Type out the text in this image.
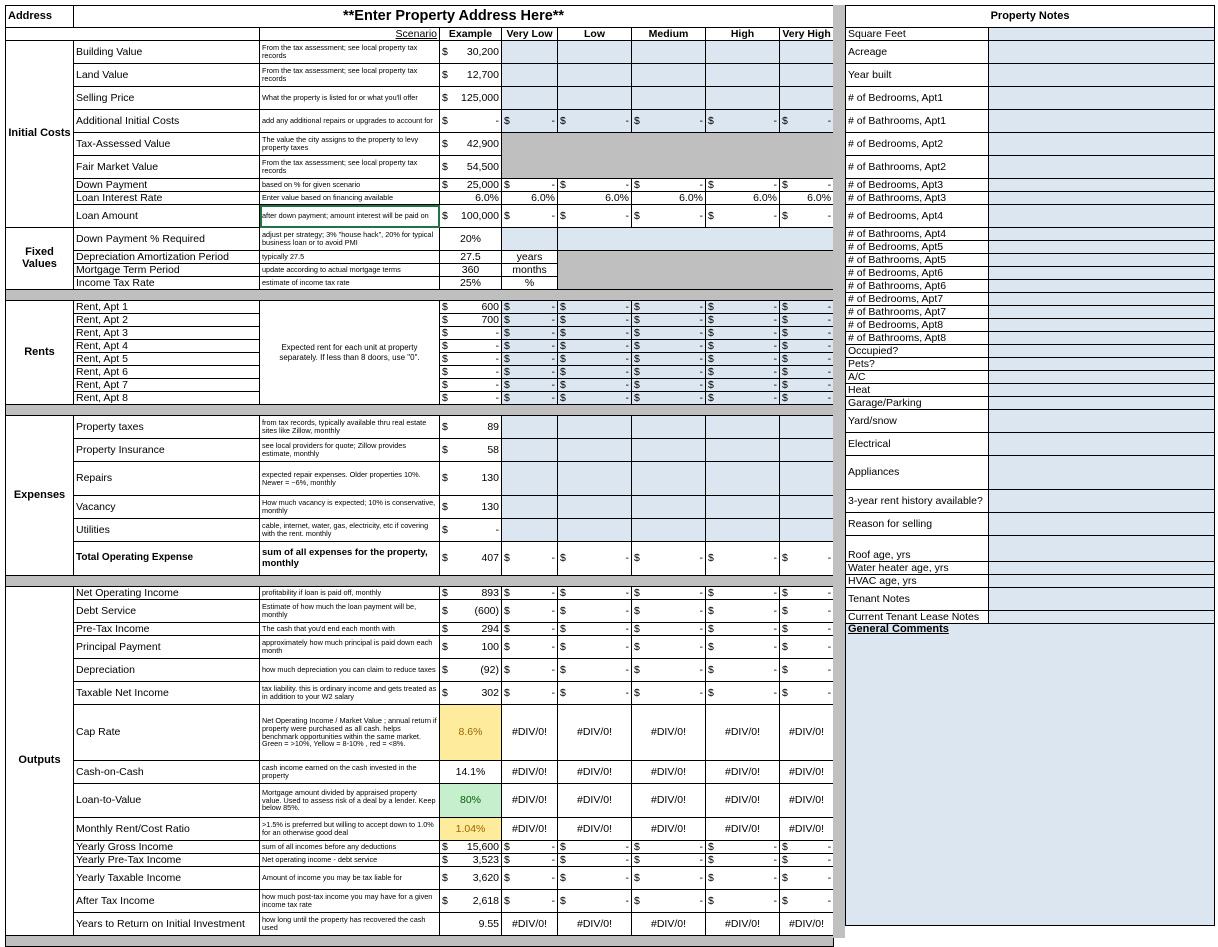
Address	**Enter Property Address Here**							
		Scenario	Example	Very Low	Low	Medium	High	Very High
Initial Costs	Building Value	From the tax assessment; see local property tax records	$ 30,200					

	Land Value	From the tax assessment; see local property tax records	$ 12,700					

	Selling Price	What the property is listed for or what you'll offer	$ 125,000					

	Additional Initial Costs	add any additional repairs or upgrades to account for	$ -	$ -	$ -	$ -	$ -	$ -

	Tax-Assessed Value	The value the city assigns to the property to levy property taxes	$ 42,900					

	Fair Market Value	From the tax assessment; see local property tax records	$ 54,500					

	Down Payment	based on % for given scenario	$ 25,000	$ -	$ -	$ -	$ -	$ -

	Loan Interest Rate	Enter value based on financing available	6.0%	6.0%	6.0%	6.0%	6.0%	6.0%
	Loan Amount	after down payment; amount interest will be paid on	$ 100,000	$ -	$ -	$ -	$ -	$ -

Fixed Values	Down Payment % Required	adjust per strategy; 3% "house hack", 20% for typical business loan or to avoid PMI	20%					
	Depreciation Amortization Period	typically 27.5	27.5	years				
	Mortgage Term Period	update according to actual mortgage terms	360	months				
	Income Tax Rate	estimate of income tax rate	25%	%				

Rents	Rent, Apt 1	Expected rent for each unit at property separately. If less than 8 doors, use "0".	$ 600	$ -	$ -	$ -	$ -	$ -

	Rent, Apt 2		$ 700	$ -	$ -	$ -	$ -	$ -

	Rent, Apt 3		$ -	$ -	$ -	$ -	$ -	$ -

	Rent, Apt 4		$ -	$ -	$ -	$ -	$ -	$ -

	Rent, Apt 5		$ -	$ -	$ -	$ -	$ -	$ -

	Rent, Apt 6		$ -	$ -	$ -	$ -	$ -	$ -

	Rent, Apt 7		$ -	$ -	$ -	$ -	$ -	$ -

	Rent, Apt 8		$ -	$ -	$ -	$ -	$ -	$ -

Expenses	Property taxes	from tax records, typically available thru real estate sites like Zillow, monthly	$ 89					

	Property Insurance	see local providers for quote; Zillow provides estimate, monthly	$ 58					

	Repairs	expected repair expenses. Older properties 10%. Newer = ~6%, monthly	$ 130					

	Vacancy	How much vacancy is expected; 10% is conservative, monthly	$ 130					

	Utilities	cable, internet, water, gas, electricity, etc if covering with the rent. monthly	$ -					

	Total Operating Expense	sum of all expenses for the property, monthly	$ 407	$ -	$ -	$ -	$ -	$ -

Outputs	Net Operating Income	profitability if loan is paid off, monthly	$ 893	$ -	$ -	$ -	$ -	$ -

	Debt Service	Estimate of how much the loan payment will be, monthly	$ (600)	$ -	$ -	$ -	$ -	$ -

	Pre-Tax Income	The cash that you'd end each month with	$ 294	$ -	$ -	$ -	$ -	$ -

	Principal Payment	approximately how much principal is paid down each month	$ 100	$ -	$ -	$ -	$ -	$ -

	Depreciation	how much depreciation you can claim to reduce taxes	$ (92)	$ -	$ -	$ -	$ -	$ -

	Taxable Net Income	tax liability. this is ordinary income and gets treated as in addition to your W2 salary	$ 302	$ -	$ -	$ -	$ -	$ -

	Cap Rate	Net Operating Income / Market Value ; annual return if property were purchased as all cash. helps benchmark opportunities within the same market. Green = >10%, Yellow = 8-10% , red = <8%.	8.6%	#DIV/0!	#DIV/0!	#DIV/0!	#DIV/0!	#DIV/0!
	Cash-on-Cash	cash income earned on the cash invested in the property	14.1%	#DIV/0!	#DIV/0!	#DIV/0!	#DIV/0!	#DIV/0!
	Loan-to-Value	Mortgage amount divided by appraised property value. Used to assess risk of a deal by a lender. Keep below 85%.	80%	#DIV/0!	#DIV/0!	#DIV/0!	#DIV/0!	#DIV/0!
	Monthly Rent/Cost Ratio	>1.5% is preferred but willing to accept down to 1.0% for an otherwise good deal	1.04%	#DIV/0!	#DIV/0!	#DIV/0!	#DIV/0!	#DIV/0!
	Yearly Gross Income	sum of all incomes before any deductions	$ 15,600	$ -	$ -	$ -	$ -	$ -

	Yearly Pre-Tax Income	Net operating income - debt service	$ 3,523	$ -	$ -	$ -	$ -	$ -

	Yearly Taxable Income	Amount of income you may be tax liable for	$ 3,620	$ -	$ -	$ -	$ -	$ -

	After Tax Income	how much post-tax income you may have for a given income tax rate	$ 2,618	$ -	$ -	$ -	$ -	$ -

	Years to Return on Initial Investment	how long until the property has recovered the cash used	9.55	#DIV/0!	#DIV/0!	#DIV/0!	#DIV/0!	#DIV/0!

Property Notes	
Square Feet	
Acreage	
Year built	
# of Bedrooms, Apt1	
# of Bathrooms, Apt1	
# of Bedrooms, Apt2	
# of Bathrooms, Apt2	
# of Bedrooms, Apt3	
# of Bathrooms, Apt3	
# of Bedrooms, Apt4	
# of Bathrooms, Apt4	
# of Bedrooms, Apt5	
# of Bathrooms, Apt5	
# of Bedrooms, Apt6	
# of Bathrooms, Apt6	
# of Bedrooms, Apt7	
# of Bathrooms, Apt7	
# of Bedrooms, Apt8	
# of Bathrooms, Apt8	
Occupied?	
Pets?	
A/C	
Heat	
Garage/Parking	
Yard/snow	
Electrical	
Appliances	
3-year rent history available?	
Reason for selling	
Roof age, yrs	
Water heater age, yrs	
HVAC age, yrs	
Tenant Notes	
Current Tenant Lease Notes	
General Comments	
